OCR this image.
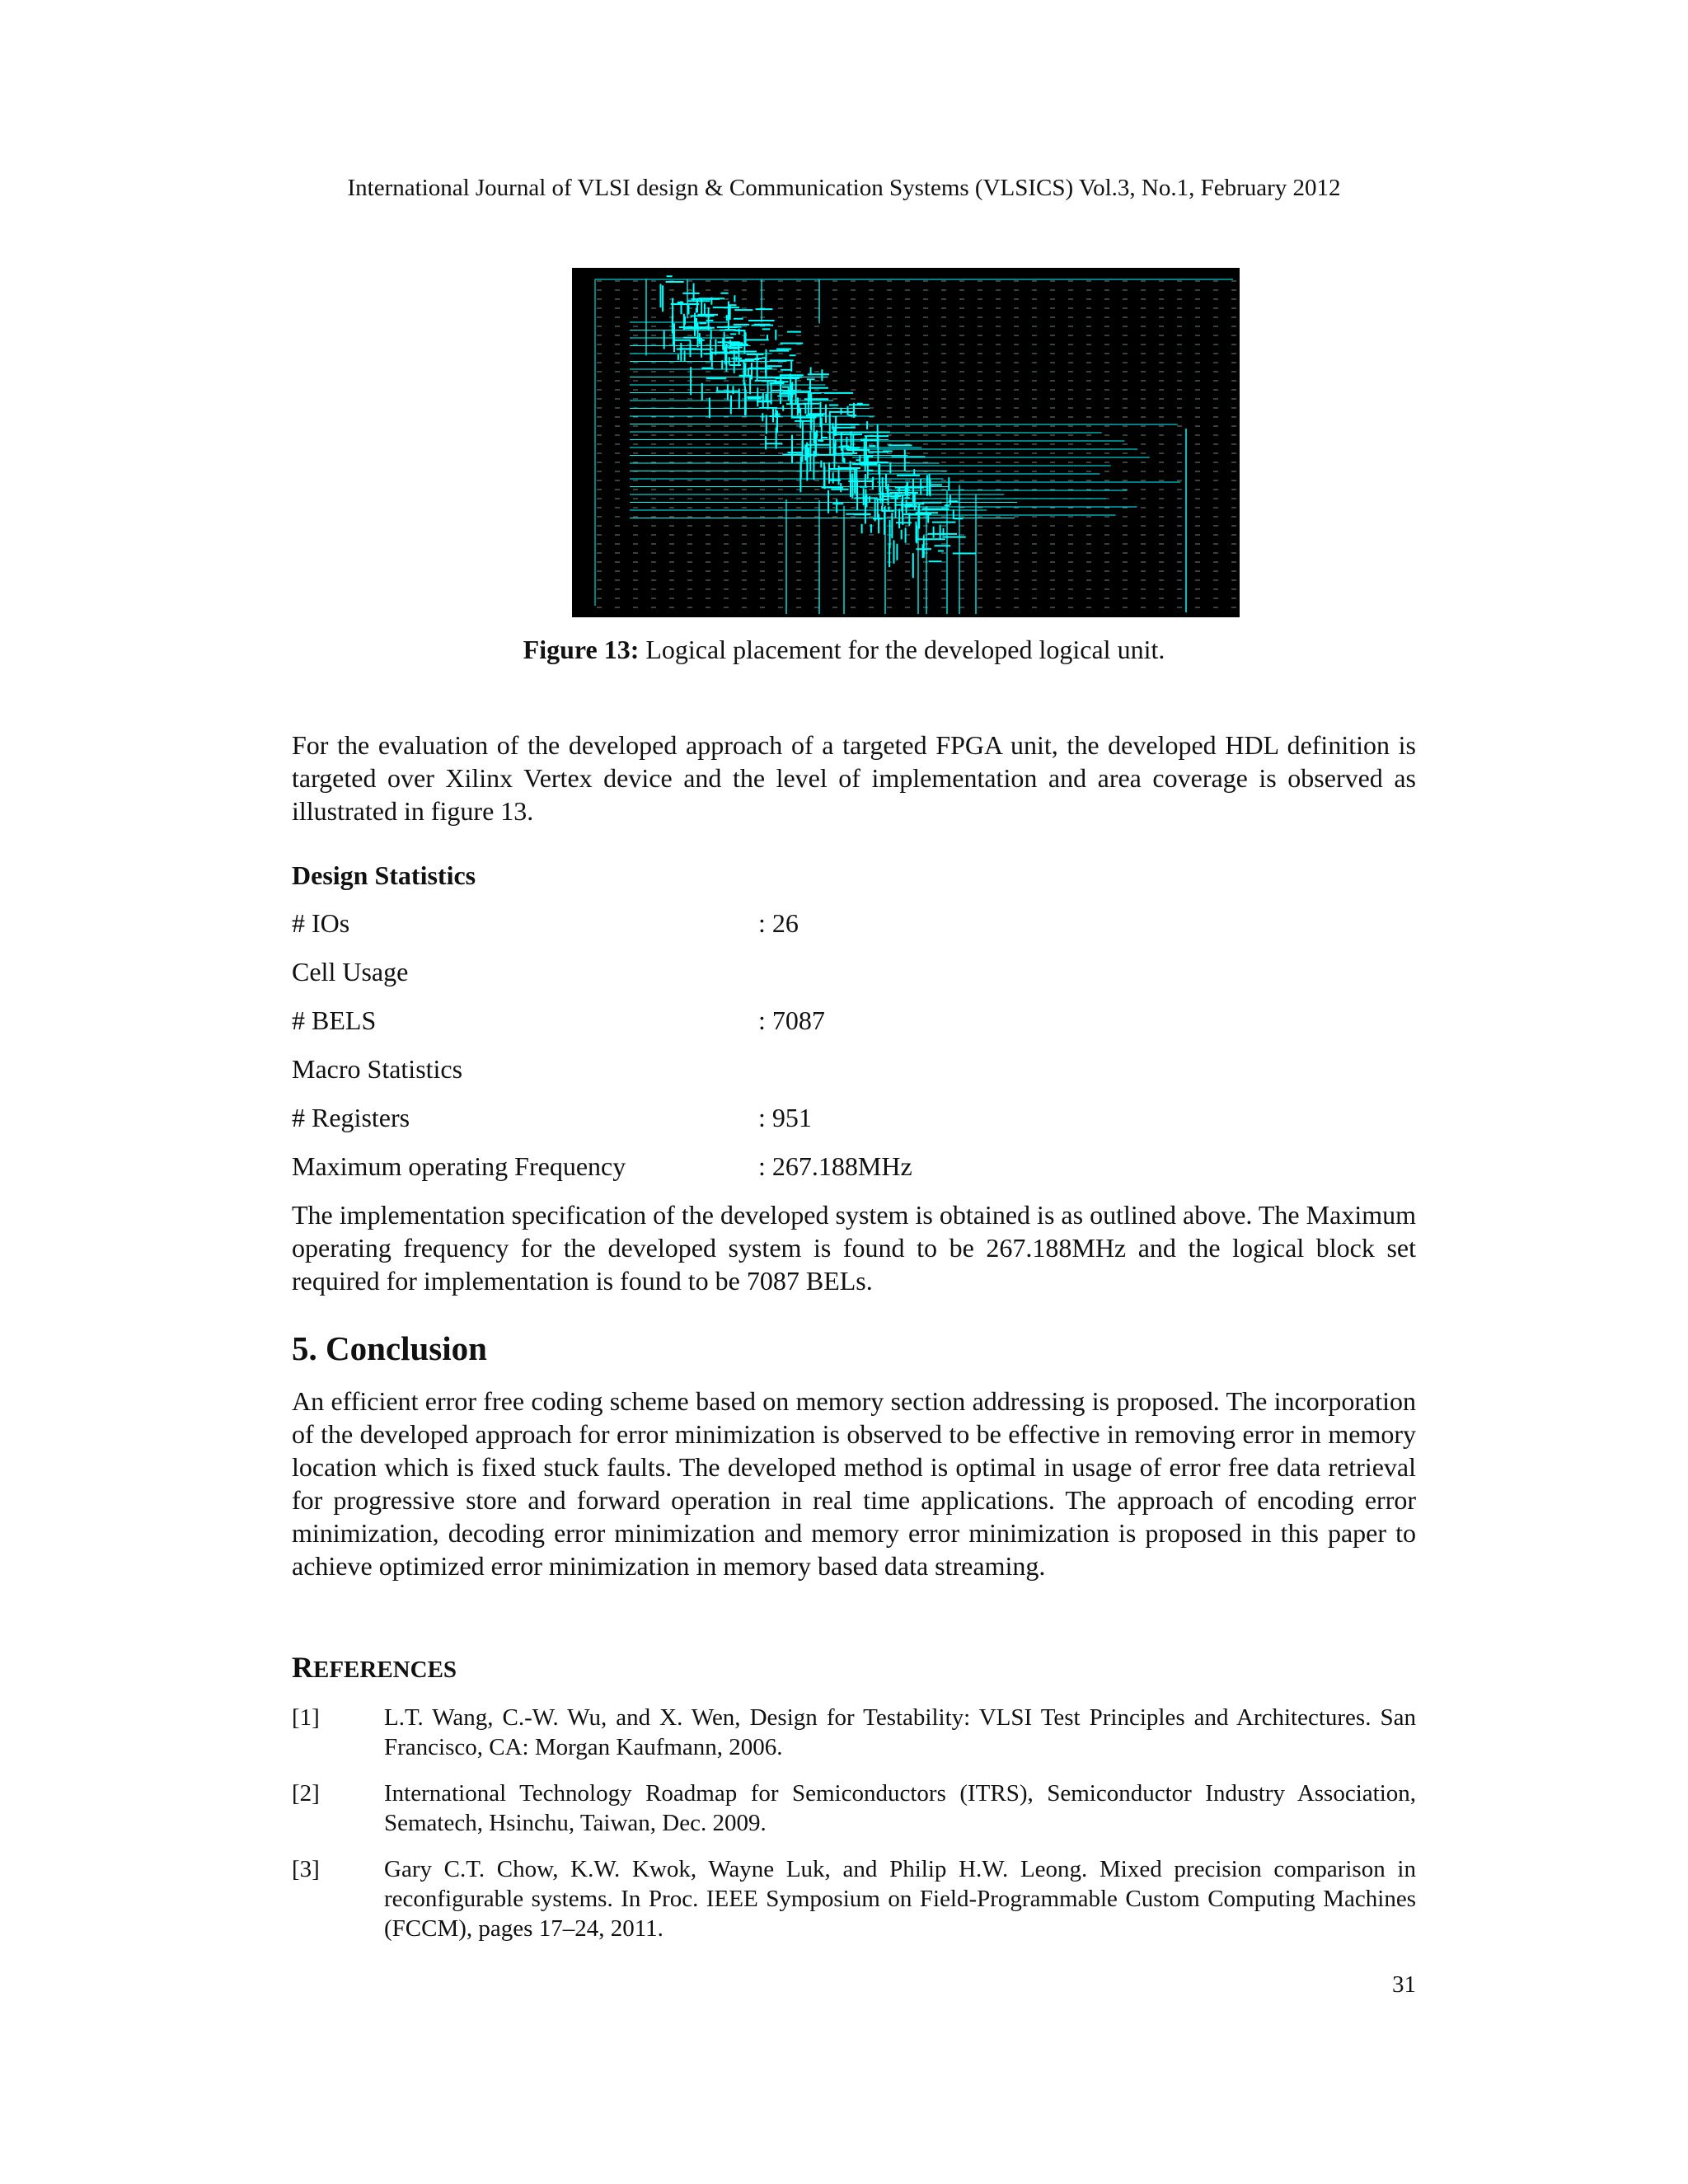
International Journal of VLSI design & Communication Systems (VLSICS) Vol.3, No.1, February 2012
Figure 13: Logical placement for the developed logical unit.
For the evaluation of the developed approach of a targeted FPGA unit, the developed HDL definition is targeted over Xilinx Vertex device and the level of implementation and area coverage is observed as illustrated in figure 13.
Design Statistics
# IOs	: 26
Cell Usage
# BELS	: 7087
Macro Statistics
# Registers	: 951
Maximum operating Frequency	: 267.188MHz
The implementation specification of the developed system is obtained is as outlined above. The Maximum operating frequency for the developed system is found to be 267.188MHz and the logical block set required for implementation is found to be 7087 BELs.
5. Conclusion
An efficient error free coding scheme based on memory section addressing is proposed. The incorporation of the developed approach for error minimization is observed to be effective in removing error in memory location which is fixed stuck faults. The developed method is optimal in usage of error free data retrieval for progressive store and forward operation in real time applications. The approach of encoding error minimization, decoding error minimization and memory error minimization is proposed in this paper to achieve optimized error minimization in memory based data streaming.
REFERENCES
[1]	L.T. Wang, C.-W. Wu, and X. Wen, Design for Testability: VLSI Test Principles and Architectures. San Francisco, CA: Morgan Kaufmann, 2006.
[2]	International Technology Roadmap for Semiconductors (ITRS), Semiconductor Industry Association, Sematech, Hsinchu, Taiwan, Dec. 2009.
[3]	Gary C.T. Chow, K.W. Kwok, Wayne Luk, and Philip H.W. Leong. Mixed precision comparison in reconfigurable systems. In Proc. IEEE Symposium on Field-Programmable Custom Computing Machines (FCCM), pages 17–24, 2011.
31
